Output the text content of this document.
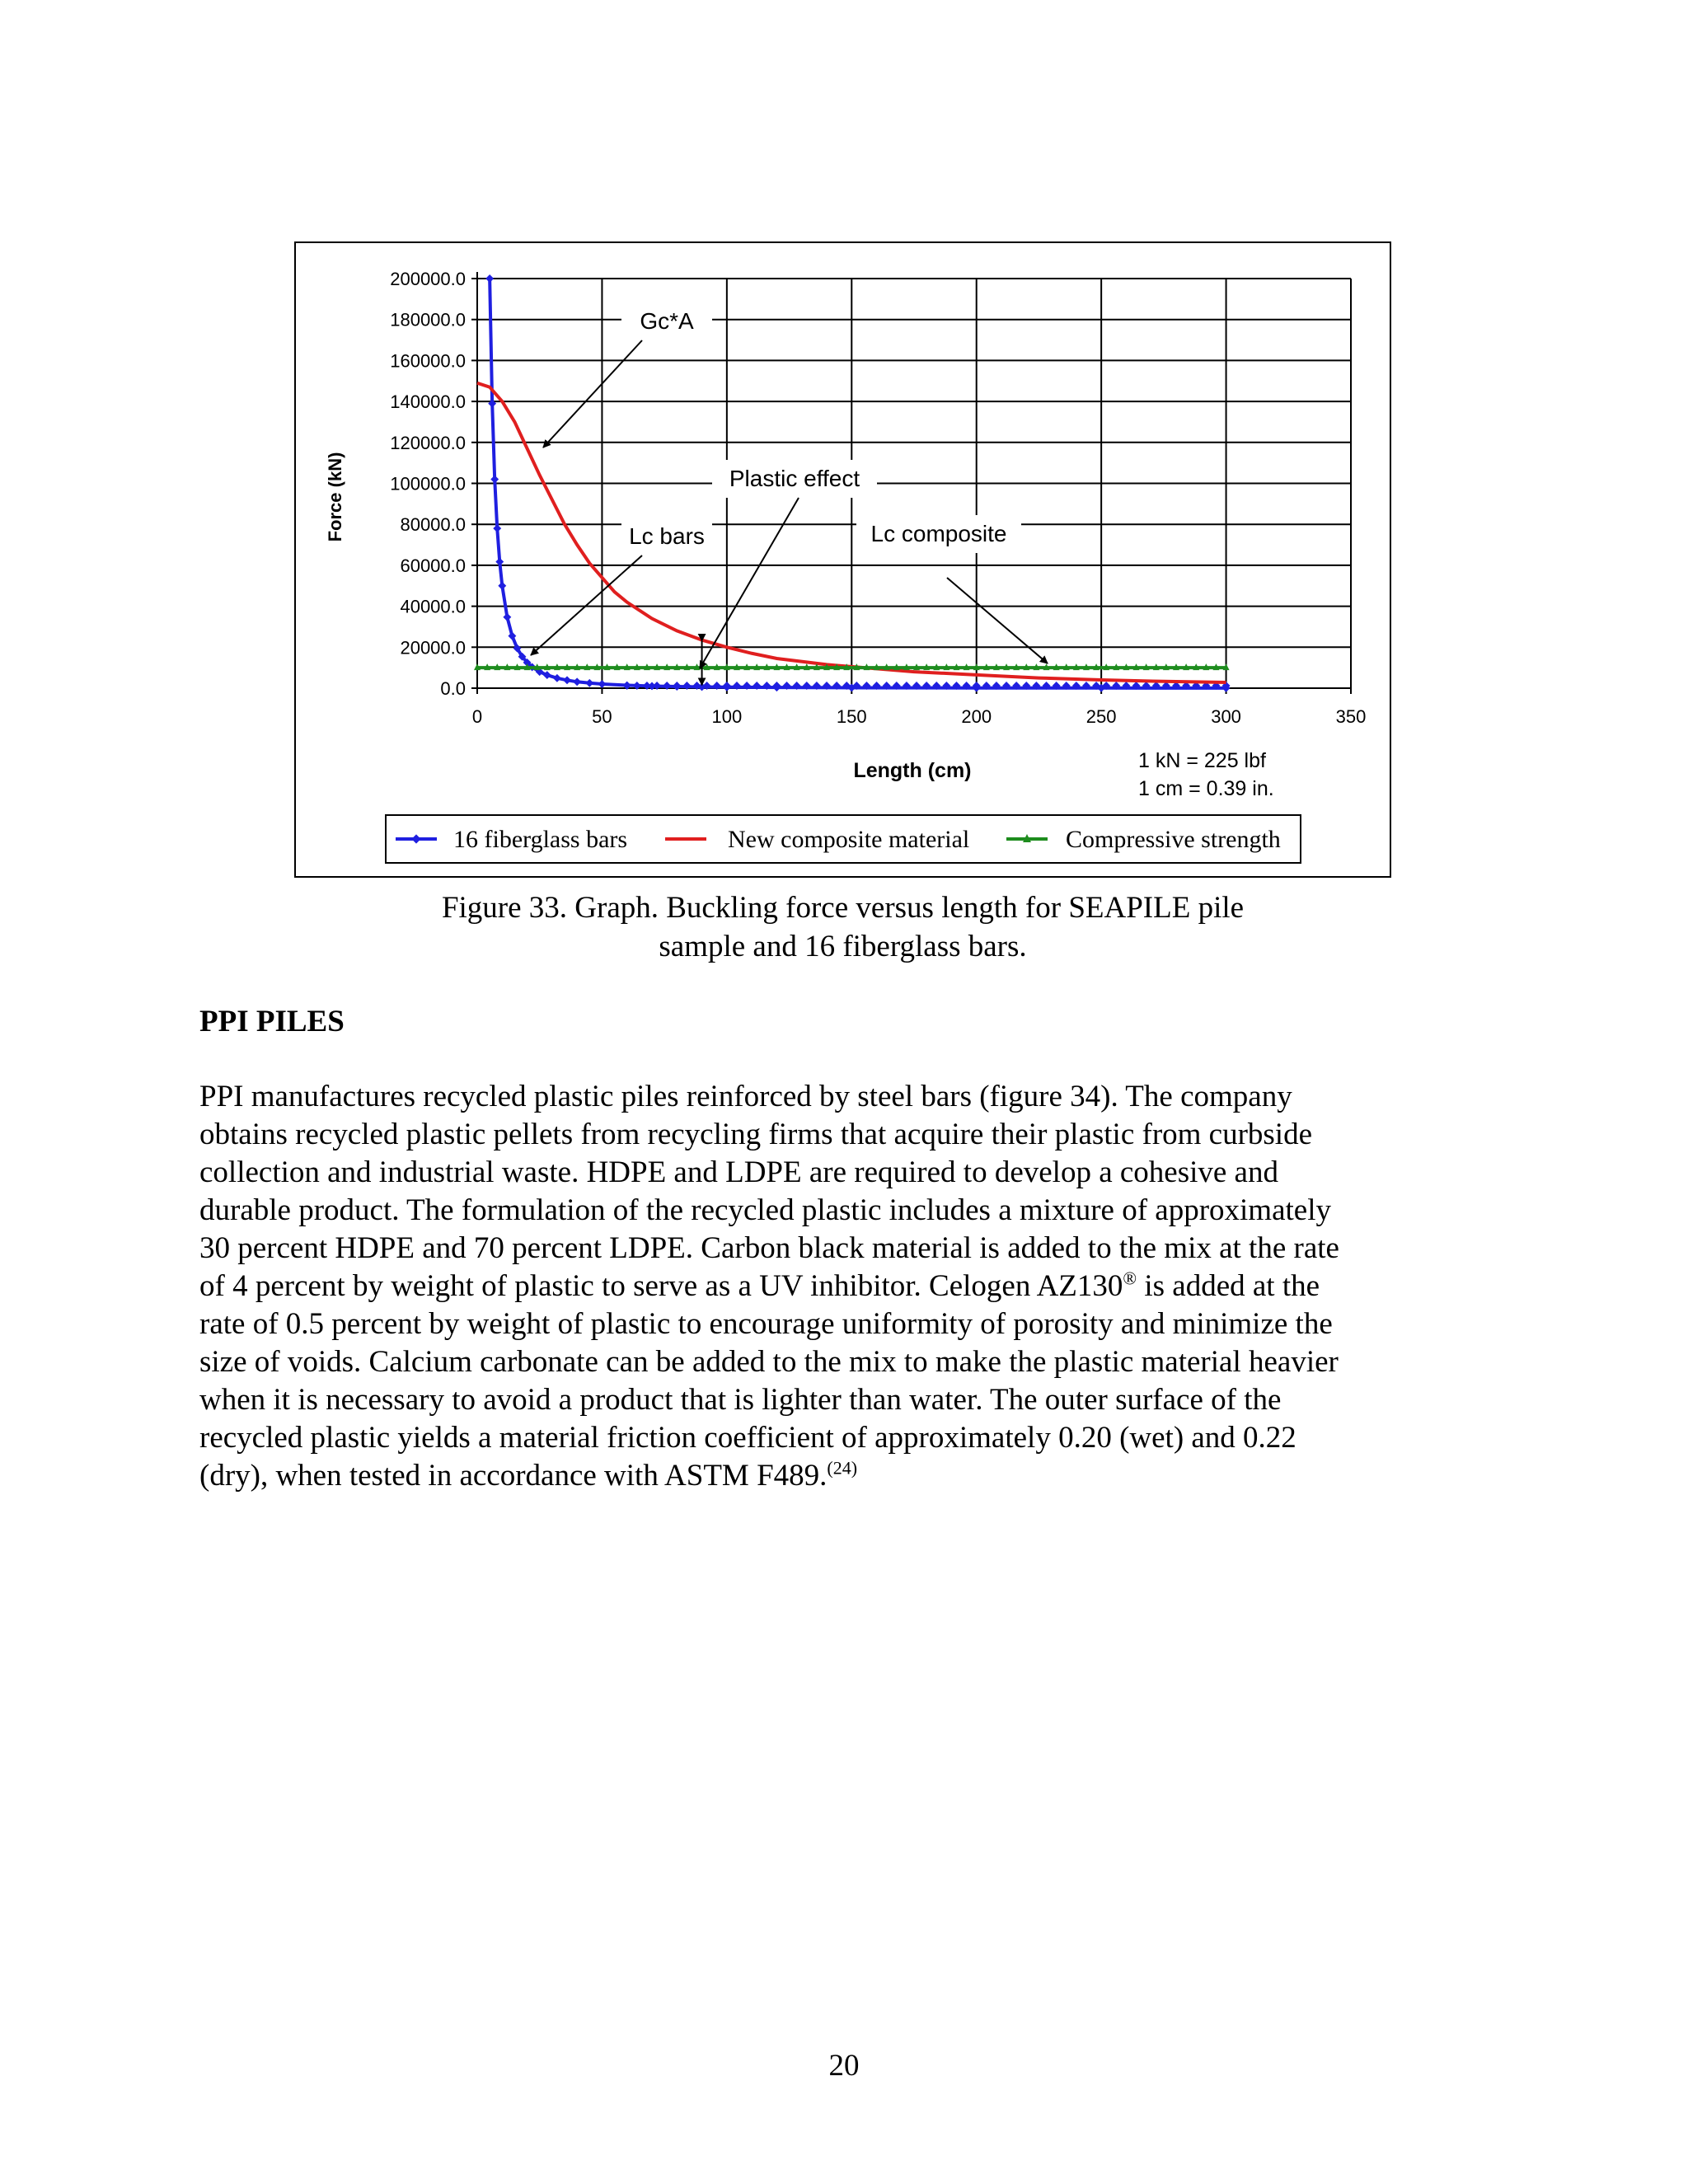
0.0
20000.0
40000.0
60000.0
80000.0
100000.0
120000.0
140000.0
160000.0
180000.0
200000.0
0	50	100	150	200	250	300	350
Gc*A
Plastic effect
Lc bars	Lc composite
Force (kN)
Length (cm)	1 kN = 225 lbf
1 cm = 0.39 in.
16 fiberglass bars	New composite material	Compressive strength
Figure 33. Graph. Buckling force versus length for SEAPILE pile
sample and 16 fiberglass bars.
PPI PILES
PPI manufactures recycled plastic piles reinforced by steel bars (figure 34). The company
obtains recycled plastic pellets from recycling firms that acquire their plastic from curbside
collection and industrial waste. HDPE and LDPE are required to develop a cohesive and
durable product. The formulation of the recycled plastic includes a mixture of approximately
30 percent HDPE and 70 percent LDPE. Carbon black material is added to the mix at the rate
of 4 percent by weight of plastic to serve as a UV inhibitor. Celogen AZ130® is added at the
rate of 0.5 percent by weight of plastic to encourage uniformity of porosity and minimize the
size of voids. Calcium carbonate can be added to the mix to make the plastic material heavier
when it is necessary to avoid a product that is lighter than water. The outer surface of the
recycled plastic yields a material friction coefficient of approximately 0.20 (wet) and 0.22
(dry), when tested in accordance with ASTM F489.$^{(24)}$
20
